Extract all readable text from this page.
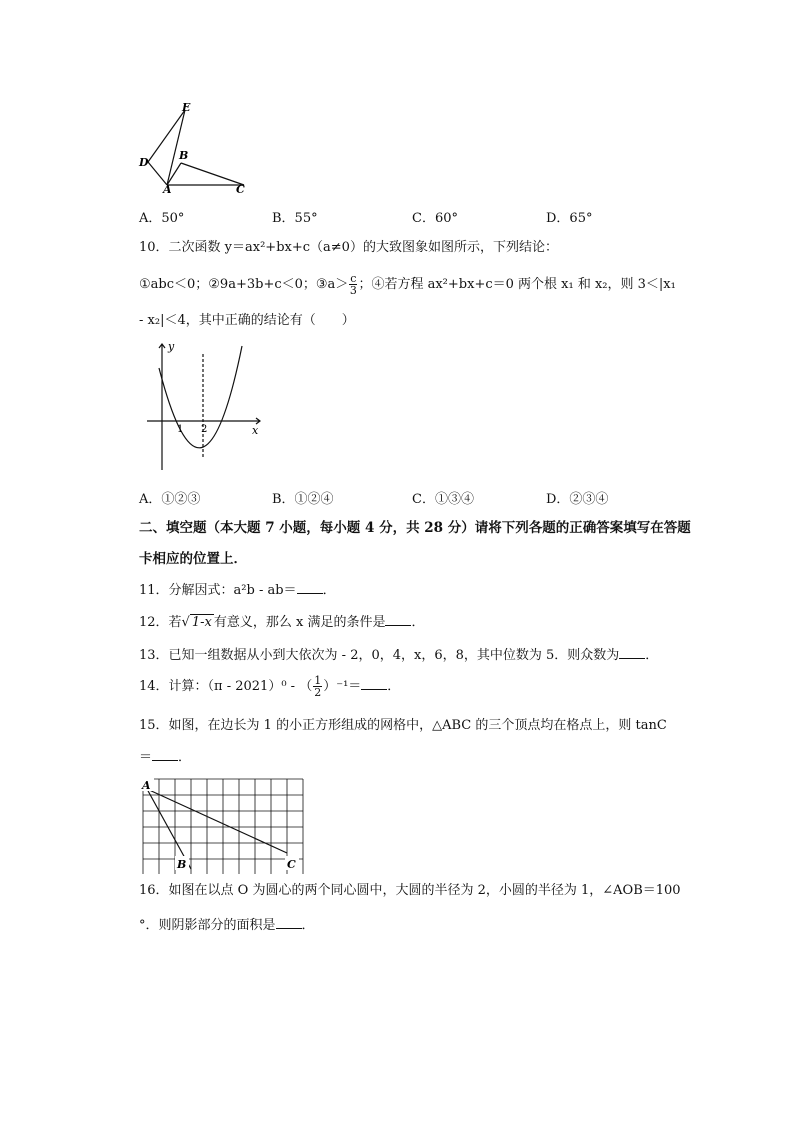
E
D
B
A	C
A．50°	B．55°	C．60°	D．65°
10．二次函数 y＝ax²+bx+c（a≠0）的大致图象如图所示，下列结论：
①abc＜0；②9a+3b+c＜0；③a＞ $\frac{c}{3}$ ；④若方程 ax²+bx+c＝0 两个根 x₁ 和 x₂，则 3＜|x₁
- x₂|＜4，其中正确的结论有（　　）
y
x
1 2
A．①②③	B．①②④	C．①③④	D．②③④
二、填空题（本大题 7 小题，每小题 4 分，共 28 分）请将下列各题的正确答案填写在答题
卡相应的位置上．
11．分解因式：a²b - ab＝ ．
12．若√ 1-x 有意义，那么 x 满足的条件是 ．
13．已知一组数据从小到大依次为 - 2，0，4，x，6，8，其中位数为 5．则众数为 ．
14．计算：（π - 2021）⁰ - （ $\frac{1}{2} )^{-1}=$ ．
15．如图，在边长为 1 的小正方形组成的网格中，△ABC 的三个顶点均在格点上，则 tanC
＝ ．
A
B	C
16．如图在以点 O 为圆心的两个同心圆中，大圆的半径为 2，小圆的半径为 1，∠AOB＝100
°．则阴影部分的面积是 ．
